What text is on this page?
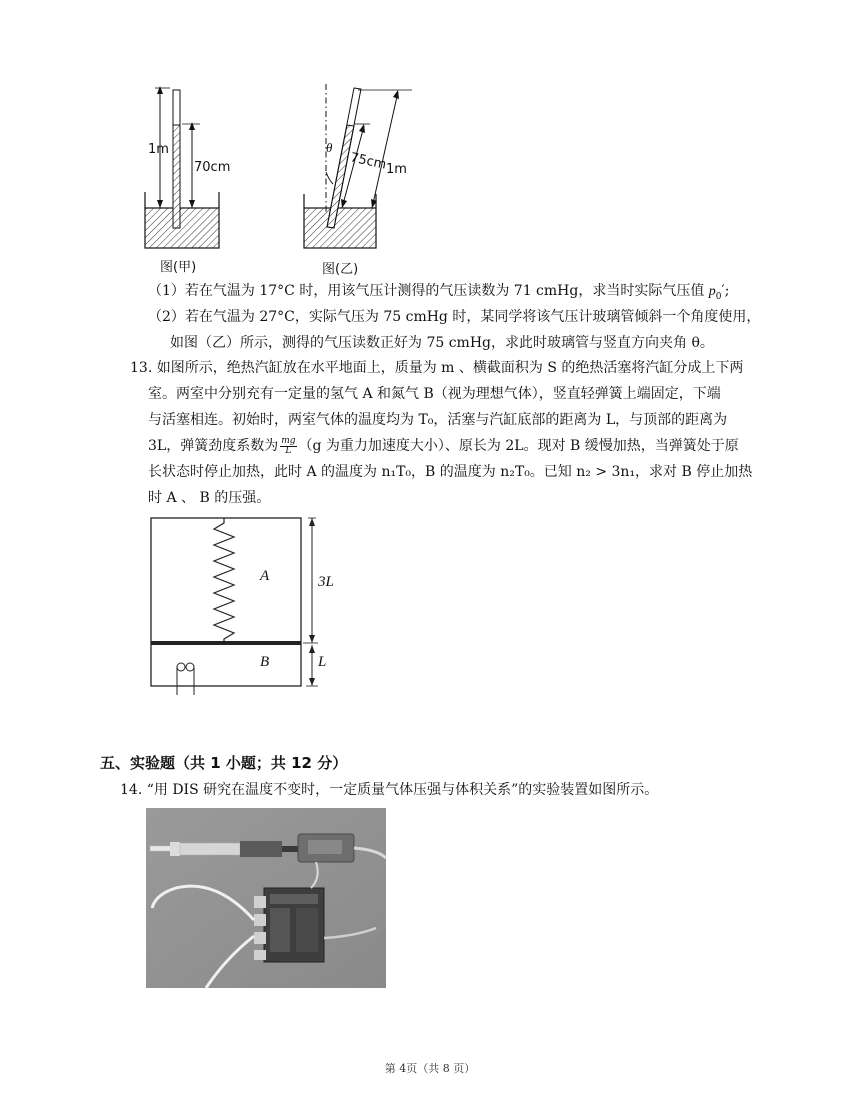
1m
70cm
图(甲)
θ
75cm
1m
图(乙)
（1）若在气温为 17°C 时，用该气压计测得的气压读数为 71 cmHg，求当时实际气压值 $p_0'$;
（2）若在气温为 27°C，实际气压为 75 cmHg 时，某同学将该气压计玻璃管倾斜一个角度使用，
如图（乙）所示，测得的气压读数正好为 75 cmHg，求此时玻璃管与竖直方向夹角 θ。
13. 如图所示，绝热汽缸放在水平地面上，质量为 m 、横截面积为 S 的绝热活塞将汽缸分成上下两
室。两室中分别充有一定量的氢气 A 和氮气 B（视为理想气体），竖直轻弹簧上端固定，下端
与活塞相连。初始时，两室气体的温度均为 T₀，活塞与汽缸底部的距离为 L，与顶部的距离为
3L，弹簧劲度系数为 $\frac{mg}{L} (g$ 为重力加速度大小）、原长为 2L。现对 B 缓慢加热，当弹簧处于原
长状态时停止加热，此时 A 的温度为 n₁T₀，B 的温度为 n₂T₀。已知 n₂ > 3n₁，求对 B 停止加热
时 A 、 B 的压强。
A
B
3L
L
五、实验题（共 1 小题；共 12 分）
14. “用 DIS 研究在温度不变时，一定质量气体压强与体积关系”的实验装置如图所示。
第 4页（共 8 页）
